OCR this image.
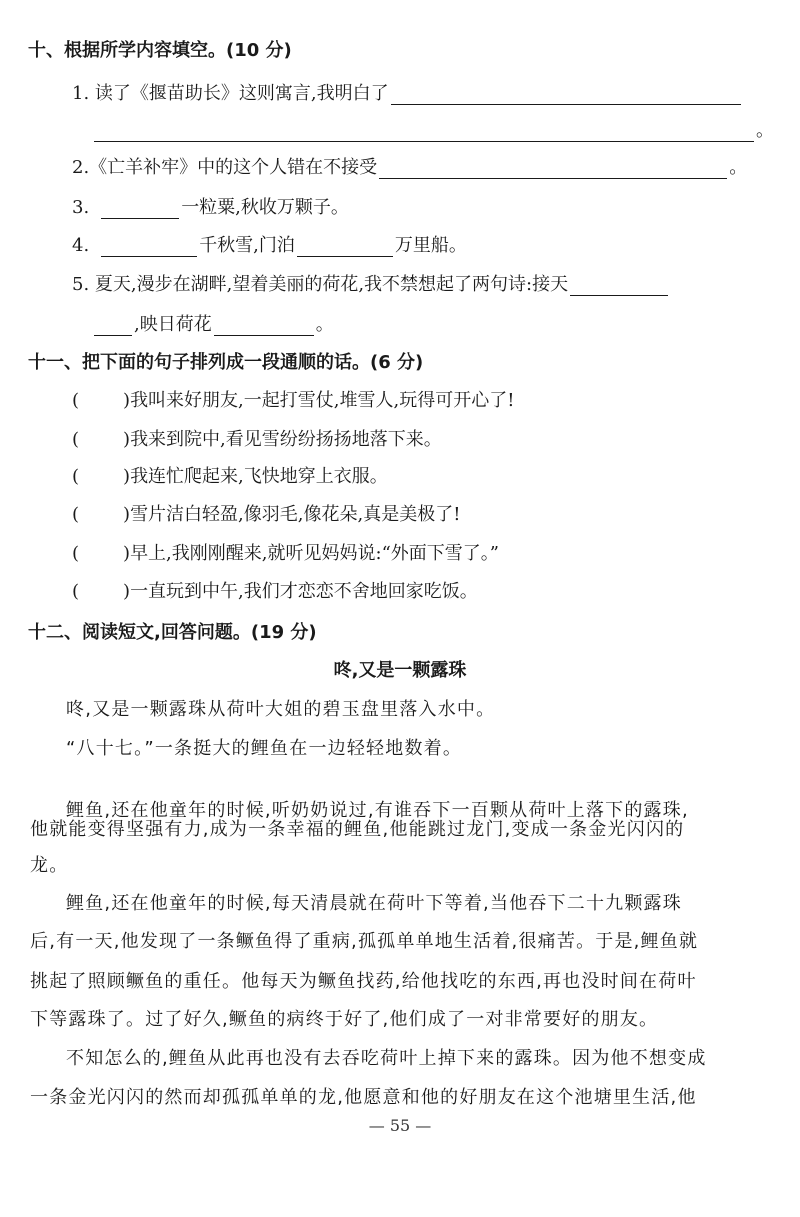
十、根据所学内容填空。(10 分)
1. 读了《揠苗助长》这则寓言,我明白了
。
2.《亡羊补牢》中的这个人错在不接受	。
3.	一粒粟,秋收万颗子。
4.	千秋雪,门泊	万里船。
5. 夏天,漫步在湖畔,望着美丽的荷花,我不禁想起了两句诗:接天
,映日荷花	。
十一、把下面的句子排列成一段通顺的话。(6 分)
( )我叫来好朋友,一起打雪仗,堆雪人,玩得可开心了!
( )我来到院中,看见雪纷纷扬扬地落下来。
( )我连忙爬起来,飞快地穿上衣服。
( )雪片洁白轻盈,像羽毛,像花朵,真是美极了!
( )早上,我刚刚醒来,就听见妈妈说:“外面下雪了。”
( )一直玩到中午,我们才恋恋不舍地回家吃饭。
十二、阅读短文,回答问题。(19 分)
咚,又是一颗露珠
咚,又是一颗露珠从荷叶大姐的碧玉盘里落入水中。
“八十七。”一条挺大的鲤鱼在一边轻轻地数着。
鲤鱼,还在他童年的时候,听奶奶说过,有谁吞下一百颗从荷叶上落下的露珠,
他就能变得坚强有力,成为一条幸福的鲤鱼,他能跳过龙门,变成一条金光闪闪的
龙。
鲤鱼,还在他童年的时候,每天清晨就在荷叶下等着,当他吞下二十九颗露珠
后,有一天,他发现了一条鳜鱼得了重病,孤孤单单地生活着,很痛苦。于是,鲤鱼就
挑起了照顾鳜鱼的重任。他每天为鳜鱼找药,给他找吃的东西,再也没时间在荷叶
下等露珠了。过了好久,鳜鱼的病终于好了,他们成了一对非常要好的朋友。
不知怎么的,鲤鱼从此再也没有去吞吃荷叶上掉下来的露珠。因为他不想变成
一条金光闪闪的然而却孤孤单单的龙,他愿意和他的好朋友在这个池塘里生活,他
— 55 —
